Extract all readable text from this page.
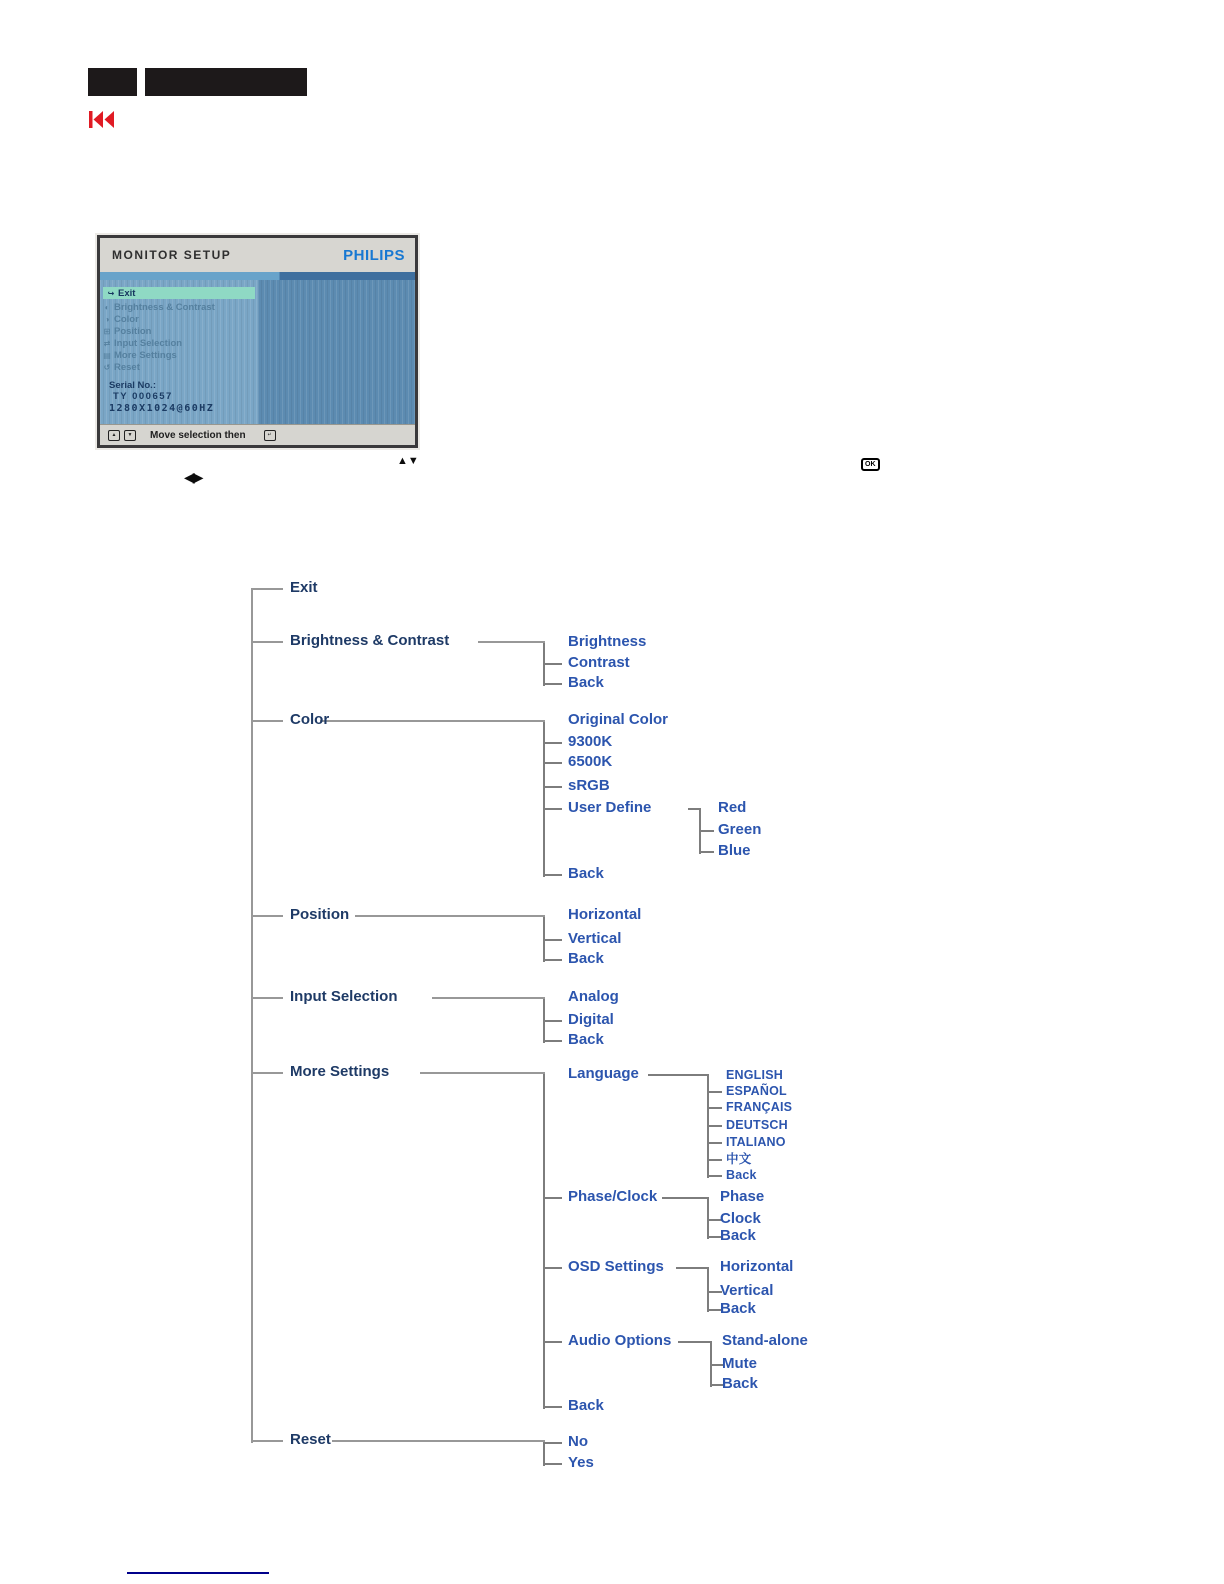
MONITOR SETUP	PHILIPS
↪ Exit
◐ Brightness & Contrast
◑ Color
⊞ Position
⇄ Input Selection
▤ More Settings
↺ Reset
Serial No.:
TY 000657
1280X1024@60HZ
▲	▼	Move selection then	↵
▲▼	OK
◀▶
Exit
Brightness & Contrast
Color
Position
Input Selection
More Settings
Reset
Brightness
Contrast
Back
Original Color
9300K
6500K
sRGB
User Define
Back
Red
Green
Blue
Horizontal
Vertical
Back
Analog
Digital
Back
Language
Phase/Clock
OSD Settings
Audio Options
Back
ENGLISH
ESPAÑOL
FRANÇAIS
DEUTSCH
ITALIANO
中文
Back
Phase
Clock
Back
Horizontal
Vertical
Back
Stand-alone
Mute
Back
No
Yes
